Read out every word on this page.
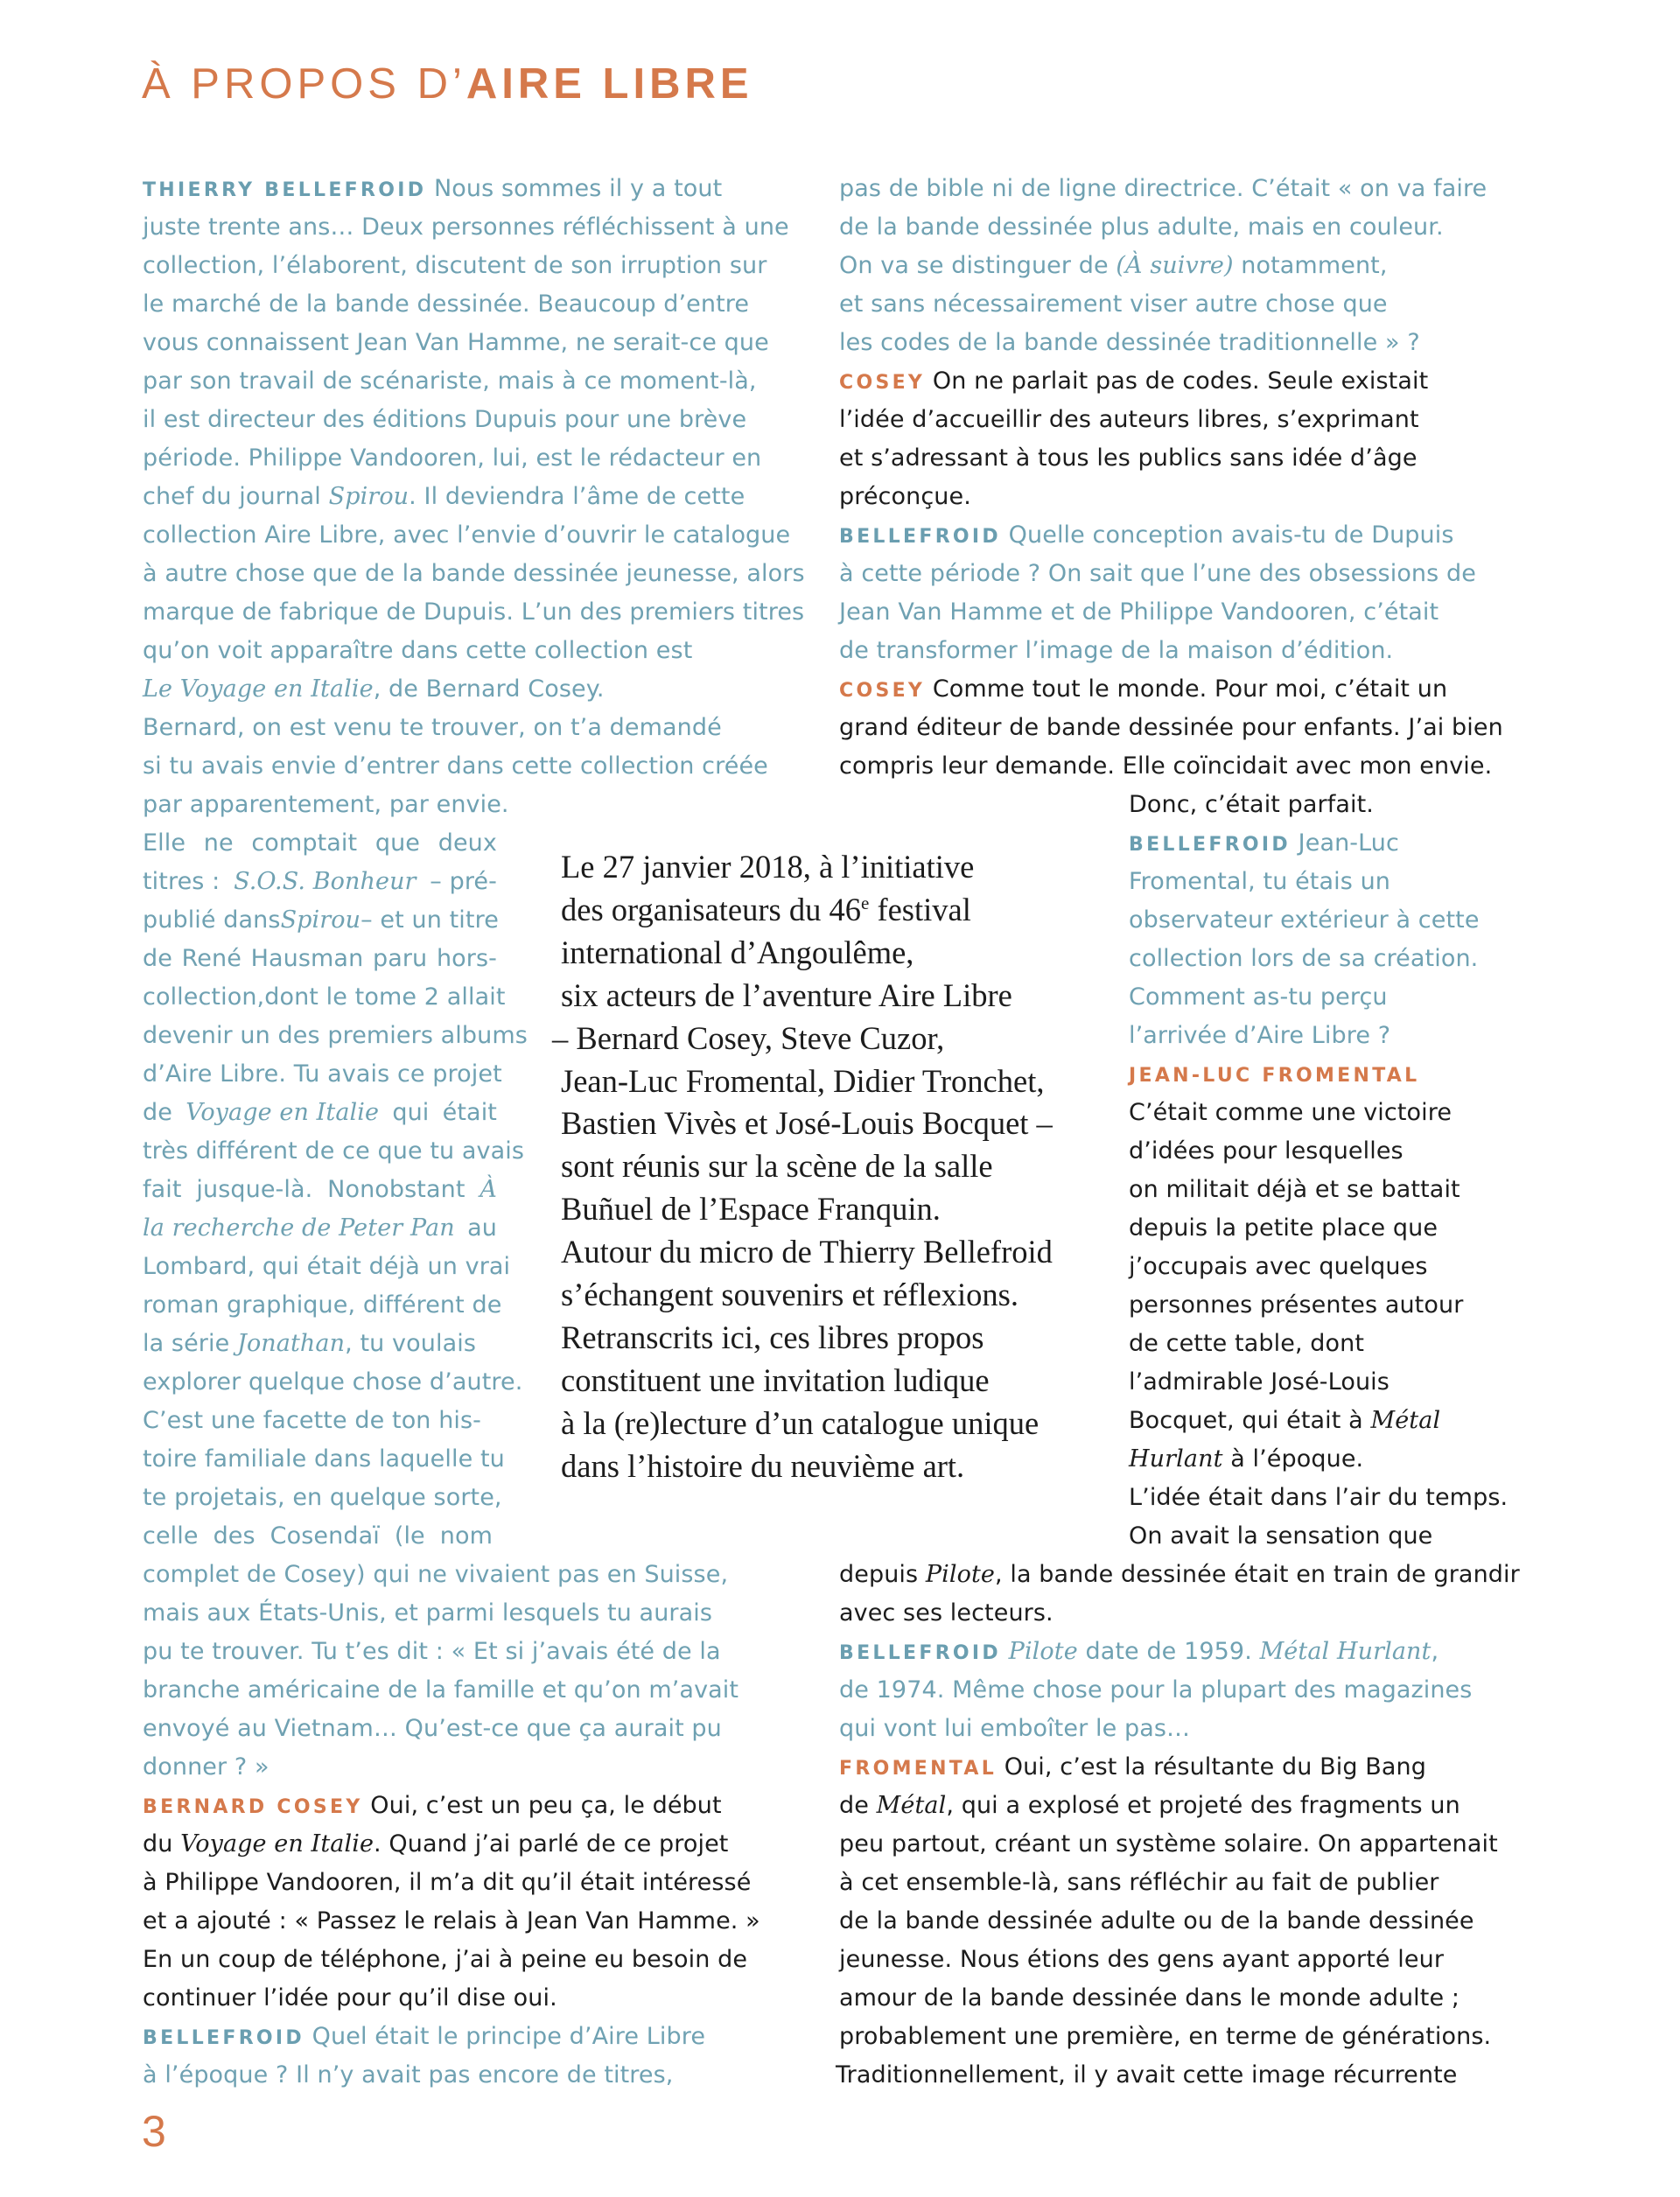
À PROPOS D’AIRE LIBRE

Le 27 janvier 2018, à l’initiative
des organisateurs du 46e festival
international d’Angoulême,
six acteurs de l’aventure Aire Libre
– Bernard Cosey, Steve Cuzor,
Jean-Luc Fromental, Didier Tronchet,
Bastien Vivès et José-Louis Bocquet –
sont réunis sur la scène de la salle
Buñuel de l’Espace Franquin.
Autour du micro de Thierry Bellefroid
s’échangent souvenirs et réflexions.
Retranscrits ici, ces libres propos
constituent une invitation ludique
à la (re)lecture d’un catalogue unique
dans l’histoire du neuvième art.

THIERRY BELLEFROID Nous sommes il y a tout
juste trente ans… Deux personnes réfléchissent à une
collection, l’élaborent, discutent de son irruption sur
le marché de la bande dessinée. Beaucoup d’entre
vous connaissent Jean Van Hamme, ne serait-ce que
par son travail de scénariste, mais à ce moment-là,
il est directeur des éditions Dupuis pour une brève
période. Philippe Vandooren, lui, est le rédacteur en
chef du journal Spirou. Il deviendra l’âme de cette
collection Aire Libre, avec l’envie d’ouvrir le catalogue
à autre chose que de la bande dessinée jeunesse, alors
marque de fabrique de Dupuis. L’un des premiers titres
qu’on voit apparaître dans cette collection est
Le Voyage en Italie, de Bernard Cosey.
Bernard, on est venu te trouver, on t’a demandé
si tu avais envie d’entrer dans cette collection créée
par apparentement, par envie.
Elle ne comptait que deux
titres : S.O.S. Bonheur – pré-
publié dans Spirou – et un titre
de René Hausman paru hors-
collection, dont le tome 2 allait
devenir un des premiers albums
d’Aire Libre. Tu avais ce projet
de Voyage en Italie qui était
très différent de ce que tu avais
fait jusque-là. Nonobstant À
la recherche de Peter Pan au
Lombard, qui était déjà un vrai
roman graphique, différent de
la série Jonathan, tu voulais
explorer quelque chose d’autre.
C’est une facette de ton his-
toire familiale dans laquelle tu
te projetais, en quelque sorte,
celle des Cosendaï (le nom
complet de Cosey) qui ne vivaient pas en Suisse,
mais aux États-Unis, et parmi lesquels tu aurais
pu te trouver. Tu t’es dit : « Et si j’avais été de la
branche américaine de la famille et qu’on m’avait
envoyé au Vietnam… Qu’est-ce que ça aurait pu
donner ? »
BERNARD COSEY Oui, c’est un peu ça, le début
du Voyage en Italie. Quand j’ai parlé de ce projet
à Philippe Vandooren, il m’a dit qu’il était intéressé
et a ajouté : « Passez le relais à Jean Van Hamme. »
En un coup de téléphone, j’ai à peine eu besoin de
continuer l’idée pour qu’il dise oui.
BELLEFROID Quel était le principe d’Aire Libre
à l’époque ? Il n’y avait pas encore de titres,
pas de bible ni de ligne directrice. C’était « on va faire
de la bande dessinée plus adulte, mais en couleur.
On va se distinguer de (À suivre) notamment,
et sans nécessairement viser autre chose que
les codes de la bande dessinée traditionnelle » ?
COSEY On ne parlait pas de codes. Seule existait
l’idée d’accueillir des auteurs libres, s’exprimant
et s’adressant à tous les publics sans idée d’âge
préconçue.
BELLEFROID Quelle conception avais-tu de Dupuis
à cette période ? On sait que l’une des obsessions de
Jean Van Hamme et de Philippe Vandooren, c’était
de transformer l’image de la maison d’édition.
COSEY Comme tout le monde. Pour moi, c’était un
grand éditeur de bande dessinée pour enfants. J’ai bien
compris leur demande. Elle coïncidait avec mon envie.
Donc, c’était parfait.
BELLEFROID Jean-Luc
Fromental, tu étais un
observateur extérieur à cette
collection lors de sa création.
Comment as-tu perçu
l’arrivée d’Aire Libre ?
JEAN-LUC FROMENTAL
C’était comme une victoire
d’idées pour lesquelles
on militait déjà et se battait
depuis la petite place que
j’occupais avec quelques
personnes présentes autour
de cette table, dont
l’admirable José-Louis
Bocquet, qui était à Métal
Hurlant à l’époque.
L’idée était dans l’air du temps.
On avait la sensation que
depuis Pilote, la bande dessinée était en train de grandir
avec ses lecteurs.
BELLEFROID Pilote date de 1959. Métal Hurlant,
de 1974. Même chose pour la plupart des magazines
qui vont lui emboîter le pas…
FROMENTAL Oui, c’est la résultante du Big Bang
de Métal, qui a explosé et projeté des fragments un
peu partout, créant un système solaire. On appartenait
à cet ensemble-là, sans réfléchir au fait de publier
de la bande dessinée adulte ou de la bande dessinée
jeunesse. Nous étions des gens ayant apporté leur
amour de la bande dessinée dans le monde adulte ;
probablement une première, en terme de générations.
Traditionnellement, il y avait cette image récurrente
3
